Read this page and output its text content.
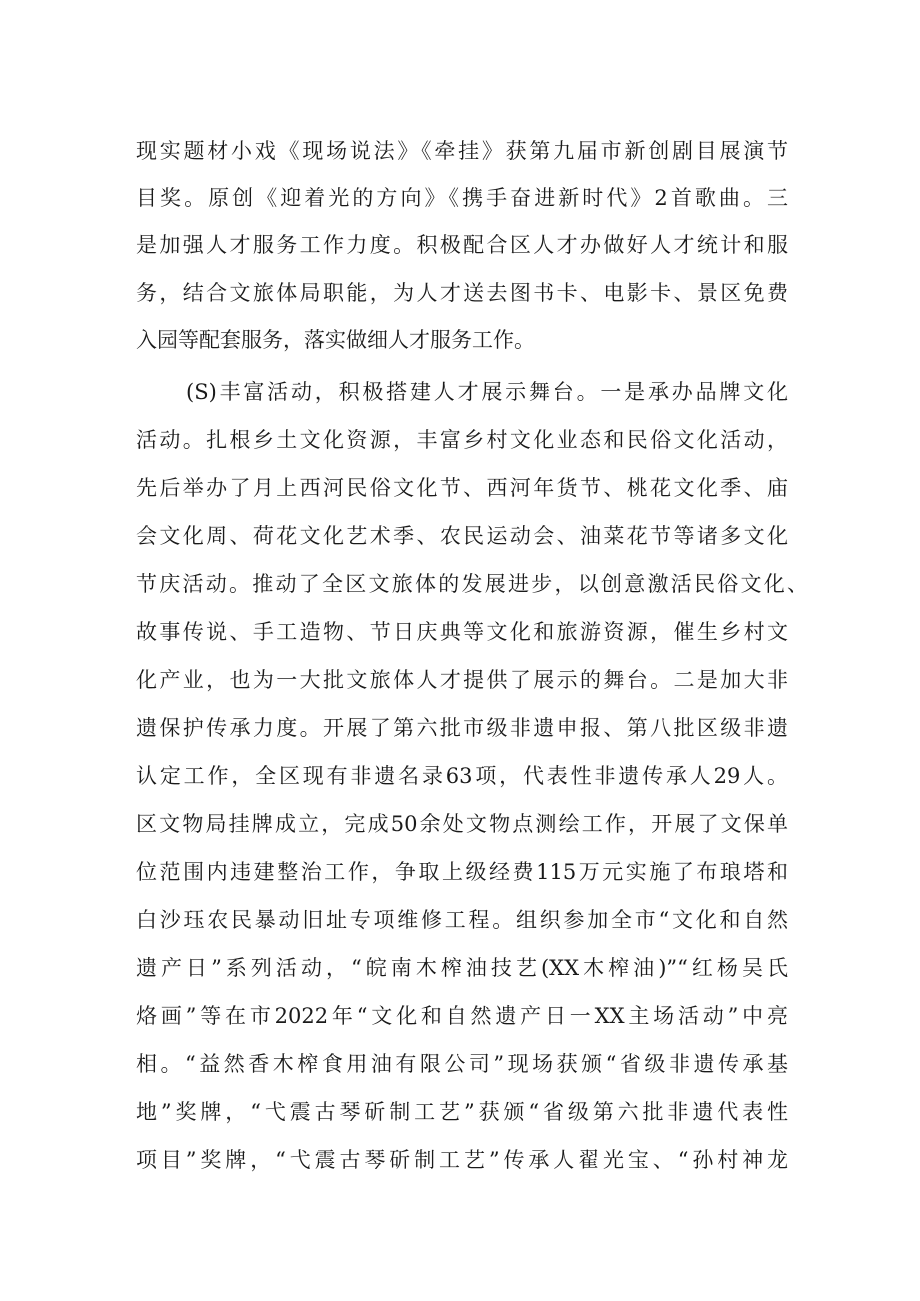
现实题材小戏《现场说法》《牵挂》获第九届市新创剧目展演节

目奖。原创《迎着光的方向》《携手奋进新时代》2首歌曲。三

是加强人才服务工作力度。积极配合区人才办做好人才统计和服

务，结合文旅体局职能，为人才送去图书卡、电影卡、景区免费

入园等配套服务，落实做细人才服务工作。

(S)丰富活动，积极搭建人才展示舞台。一是承办品牌文化

活动。扎根乡土文化资源，丰富乡村文化业态和民俗文化活动，

先后举办了月上西河民俗文化节、西河年货节、桃花文化季、庙

会文化周、荷花文化艺术季、农民运动会、油菜花节等诸多文化

节庆活动。推动了全区文旅体的发展进步，以创意激活民俗文化、

故事传说、手工造物、节日庆典等文化和旅游资源，催生乡村文

化产业，也为一大批文旅体人才提供了展示的舞台。二是加大非

遗保护传承力度。开展了第六批市级非遗申报、第八批区级非遗

认定工作，全区现有非遗名录63项，代表性非遗传承人29人。

区文物局挂牌成立，完成50余处文物点测绘工作，开展了文保单

位范围内违建整治工作，争取上级经费115万元实施了布琅塔和

白沙珏农民暴动旧址专项维修工程。组织参加全市“文化和自然

遗产日”系列活动，“皖南木榨油技艺(XX木榨油)”“红杨吴氏

烙画”等在市2022年“文化和自然遗产日一XX主场活动”中亮

相。“益然香木榨食用油有限公司”现场获颁“省级非遗传承基

地”奖牌，“弋震古琴斫制工艺”获颁“省级第六批非遗代表性

项目”奖牌，“弋震古琴斫制工艺”传承人翟光宝、“孙村神龙
